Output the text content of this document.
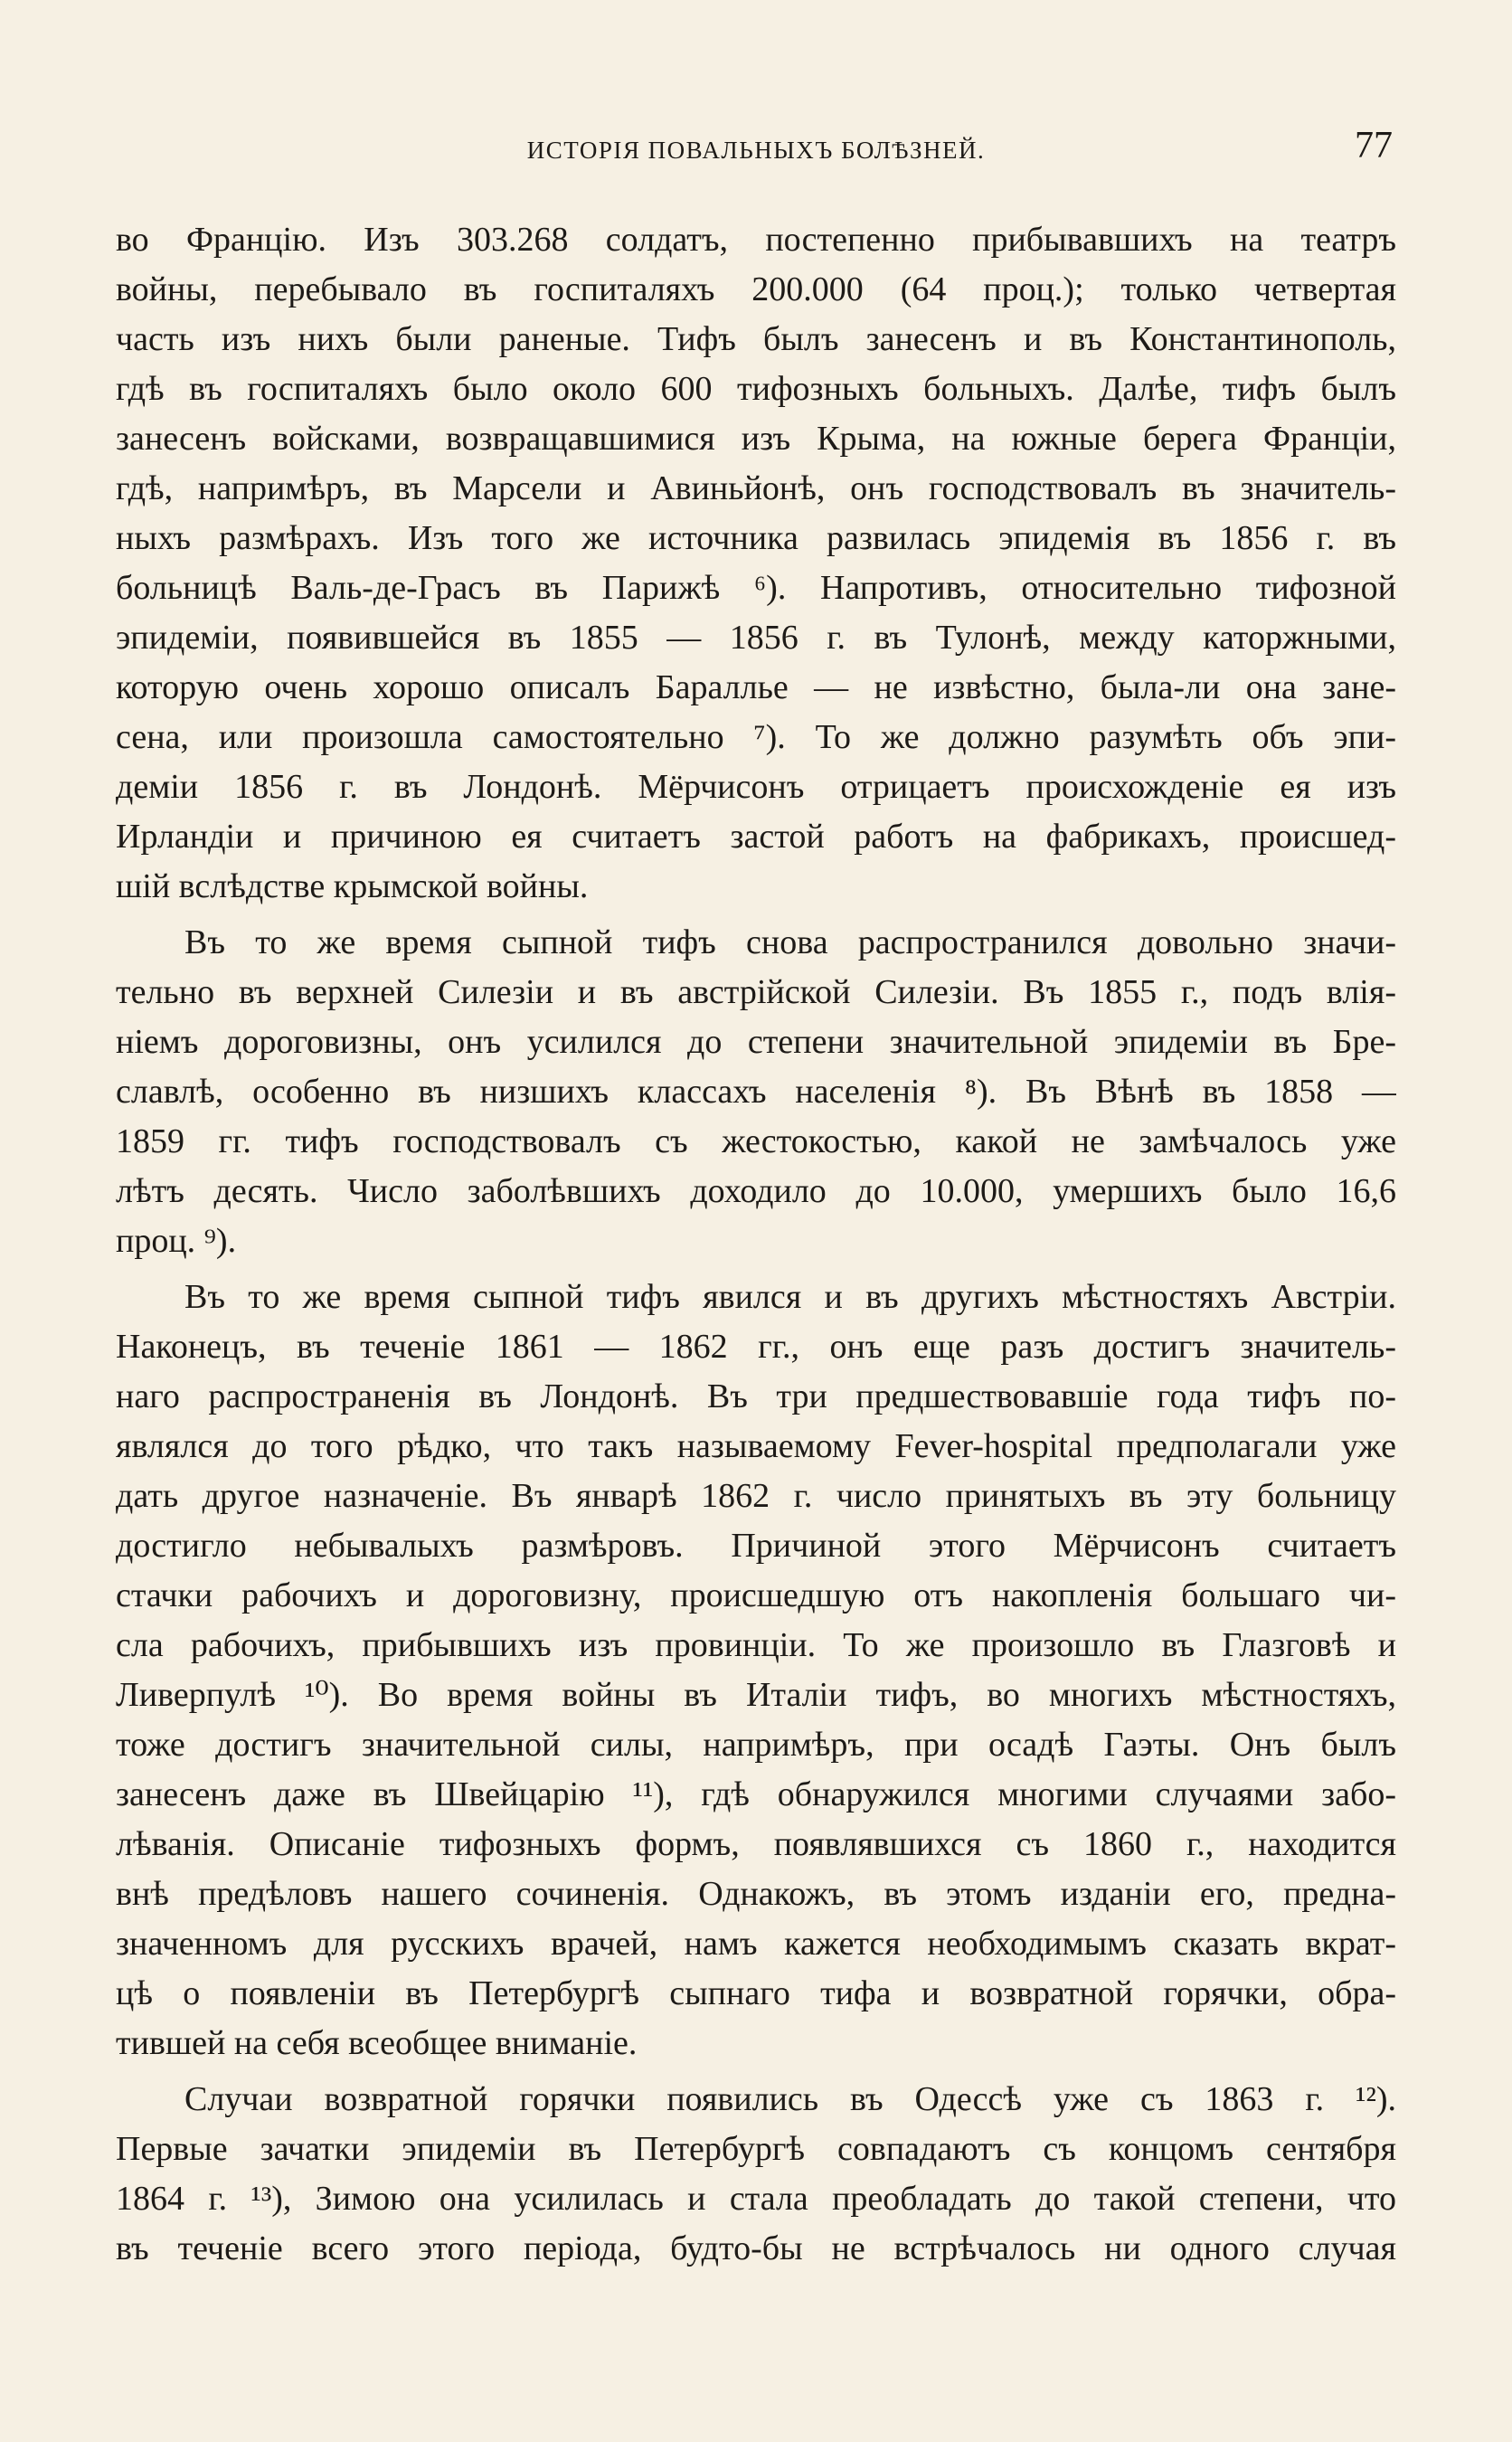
ИСТОРІЯ ПОВАЛЬНЫХЪ БОЛѢЗНЕЙ.	77
во Францію. Изъ 303.268 солдатъ, постепенно прибывавшихъ на театръ
войны, перебывало въ госпиталяхъ 200.000 (64 проц.); только четвертая
часть изъ нихъ были раненые. Тифъ былъ занесенъ и въ Константинополь,
гдѣ въ госпиталяхъ было около 600 тифозныхъ больныхъ. Далѣе, тифъ былъ
занесенъ войсками, возвращавшимися изъ Крыма, на южные берега Франціи,
гдѣ, напримѣръ, въ Марсели и Авиньйонѣ, онъ господствовалъ въ значитель-
ныхъ размѣрахъ. Изъ того же источника развилась эпидемія въ 1856 г. въ
больницѣ Валь-де-Грасъ въ Парижѣ ⁶). Напротивъ, относительно тифозной
эпидеміи, появившейся въ 1855 — 1856 г. въ Тулонѣ, между каторжными,
которую очень хорошо описалъ Бараллье — не извѣстно, была-ли она зане-
сена, или произошла самостоятельно ⁷). То же должно разумѣть объ эпи-
деміи 1856 г. въ Лондонѣ. Мёрчисонъ отрицаетъ происхожденіе ея изъ
Ирландіи и причиною ея считаетъ застой работъ на фабрикахъ, происшед-
шій вслѣдстве крымской войны.
Въ то же время сыпной тифъ снова распространился довольно значи-
тельно въ верхней Силезіи и въ австрійской Силезіи. Въ 1855 г., подъ влія-
ніемъ дороговизны, онъ усилился до степени значительной эпидеміи въ Бре-
славлѣ, особенно въ низшихъ классахъ населенія ⁸). Въ Вѣнѣ въ 1858 —
1859 гг. тифъ господствовалъ съ жестокостью, какой не замѣчалось уже
лѣтъ десять. Число заболѣвшихъ доходило до 10.000, умершихъ было 16,6
проц. ⁹).
Въ то же время сыпной тифъ явился и въ другихъ мѣстностяхъ Австріи.
Наконецъ, въ теченіе 1861 — 1862 гг., онъ еще разъ достигъ значитель-
наго распространенія въ Лондонѣ. Въ три предшествовавшіе года тифъ по-
являлся до того рѣдко, что такъ называемому Fever-hospital предполагали уже
дать другое назначеніе. Въ январѣ 1862 г. число принятыхъ въ эту больницу
достигло небывалыхъ размѣровъ. Причиной этого Мёрчисонъ считаетъ
стачки рабочихъ и дороговизну, происшедшую отъ накопленія большаго чи-
сла рабочихъ, прибывшихъ изъ провинціи. То же произошло въ Глазговѣ и
Ливерпулѣ ¹⁰). Во время войны въ Италіи тифъ, во многихъ мѣстностяхъ,
тоже достигъ значительной силы, напримѣръ, при осадѣ Гаэты. Онъ былъ
занесенъ даже въ Швейцарію ¹¹), гдѣ обнаружился многими случаями забо-
лѣванія. Описаніе тифозныхъ формъ, появлявшихся съ 1860 г., находится
внѣ предѣловъ нашего сочиненія. Однакожъ, въ этомъ изданіи его, предна-
значенномъ для русскихъ врачей, намъ кажется необходимымъ сказать вкрат-
цѣ о появленіи въ Петербургѣ сыпнаго тифа и возвратной горячки, обра-
тившей на себя всеобщее вниманіе.
Случаи возвратной горячки появились въ Одессѣ уже съ 1863 г. ¹²).
Первые зачатки эпидеміи въ Петербургѣ совпадаютъ съ концомъ сентября
1864 г. ¹³), Зимою она усилилась и стала преобладать до такой степени, что
въ теченіе всего этого періода, будто-бы не встрѣчалось ни одного случая
